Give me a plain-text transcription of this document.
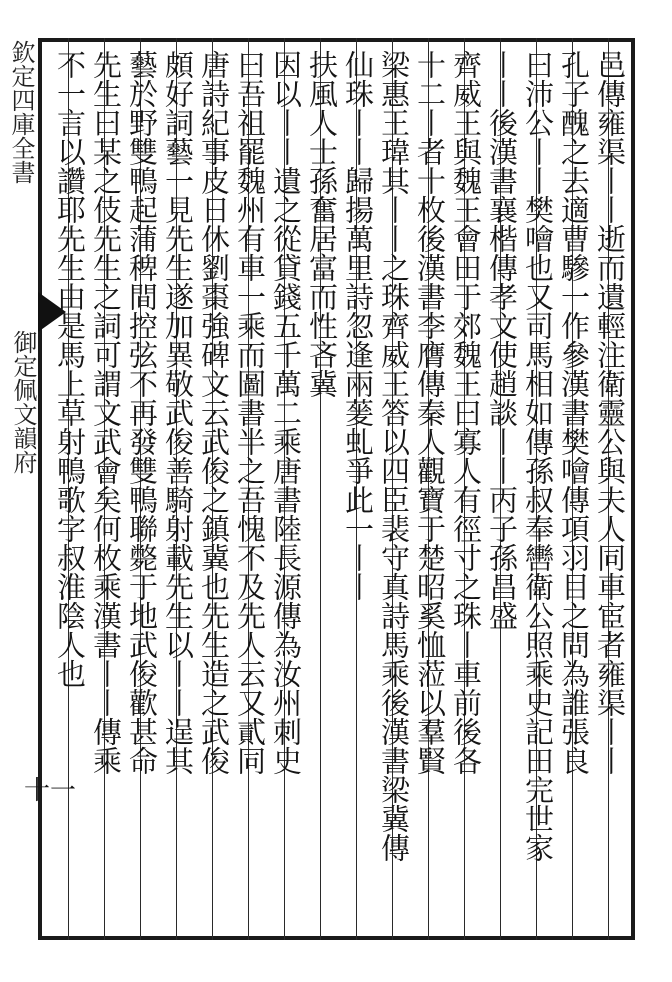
欽定四庫全書
御定佩文韻府
十一
邑傳雍渠丨丨逝而遺輕注衛靈公與夫人同車宦者雍渠丨丨
孔子醜之去適曹驂一作參漢書樊噲傳項羽目之問為誰張良
曰沛公丨丨樊噲也又司馬相如傳孫叔奉轡衛公照乘史記田完世家
丨丨後漢書襄楷傳孝文使趙談丨丨丙子孫昌盛
齊威王與魏王會田于郊魏王曰寡人有徑寸之珠丨車前後各
十二丨者十枚後漢書李膺傳秦人觀寶于楚昭奚恤蒞以羣賢
梁惠王瑋其丨丨之珠齊威王答以四臣裴守真詩馬乘後漢書梁冀傳
仙珠丨丨歸揚萬里詩忽逢兩蓌虬爭此一丨丨
扶風人士孫奮居富而性吝冀
因以丨丨遺之從貸錢五千萬二乘唐書陸長源傳為汝州刺史
曰吾祖罷魏州有車一乘而圖書半之吾愧不及先人云又貳同
唐詩紀事皮日休劉棗強碑文云武俊之鎮冀也先生造之武俊
頗好詞藝一見先生遂加異敬武俊善騎射載先生以丨丨逞其
藝於野雙鴨起蒲稗間控弦不再發雙鴨聯斃于地武俊歡甚命
先生曰某之伎先生之詞可謂文武會矣何枚乘漢書丨丨傳乘
不一言以讚耶先生由是馬上草射鴨歌字叔淮陰人也
